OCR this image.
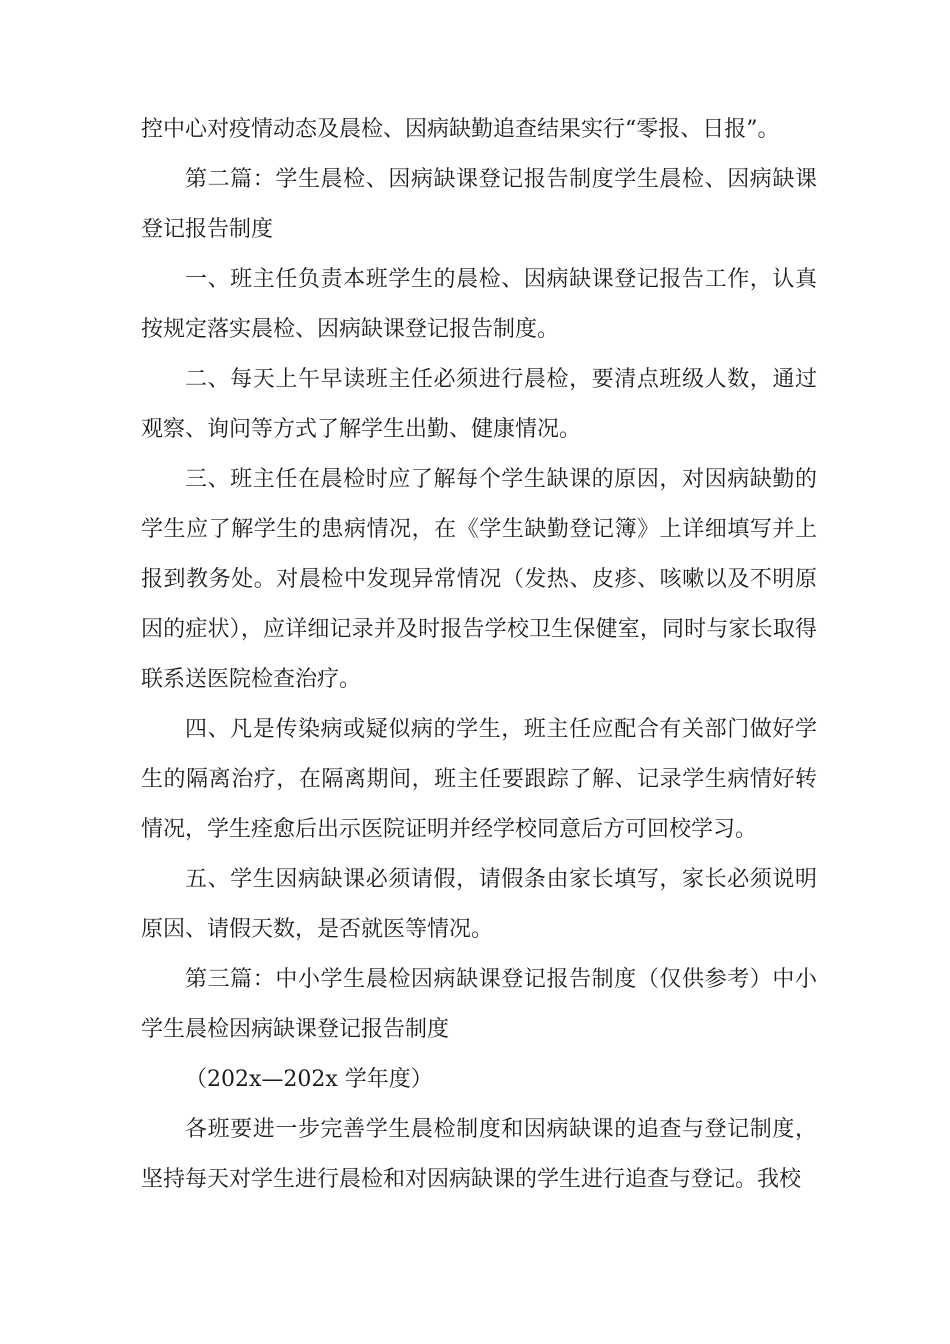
控中心对疫情动态及晨检、因病缺勤追查结果实行“零报、日报”。

第二篇：学生晨检、因病缺课登记报告制度学生晨检、因病缺课登记报告制度

一、班主任负责本班学生的晨检、因病缺课登记报告工作，认真按规定落实晨检、因病缺课登记报告制度。

二、每天上午早读班主任必须进行晨检，要清点班级人数，通过观察、询问等方式了解学生出勤、健康情况。

三、班主任在晨检时应了解每个学生缺课的原因，对因病缺勤的学生应了解学生的患病情况，在《学生缺勤登记簿》上详细填写并上报到教务处。对晨检中发现异常情况（发热、皮疹、咳嗽以及不明原因的症状），应详细记录并及时报告学校卫生保健室，同时与家长取得联系送医院检查治疗。

四、凡是传染病或疑似病的学生，班主任应配合有关部门做好学生的隔离治疗，在隔离期间，班主任要跟踪了解、记录学生病情好转情况，学生痊愈后出示医院证明并经学校同意后方可回校学习。

五、学生因病缺课必须请假，请假条由家长填写，家长必须说明原因、请假天数，是否就医等情况。

第三篇：中小学生晨检因病缺课登记报告制度（仅供参考）中小学生晨检因病缺课登记报告制度

（202x—202x 学年度）

各班要进一步完善学生晨检制度和因病缺课的追查与登记制度，坚持每天对学生进行晨检和对因病缺课的学生进行追查与登记。我校
